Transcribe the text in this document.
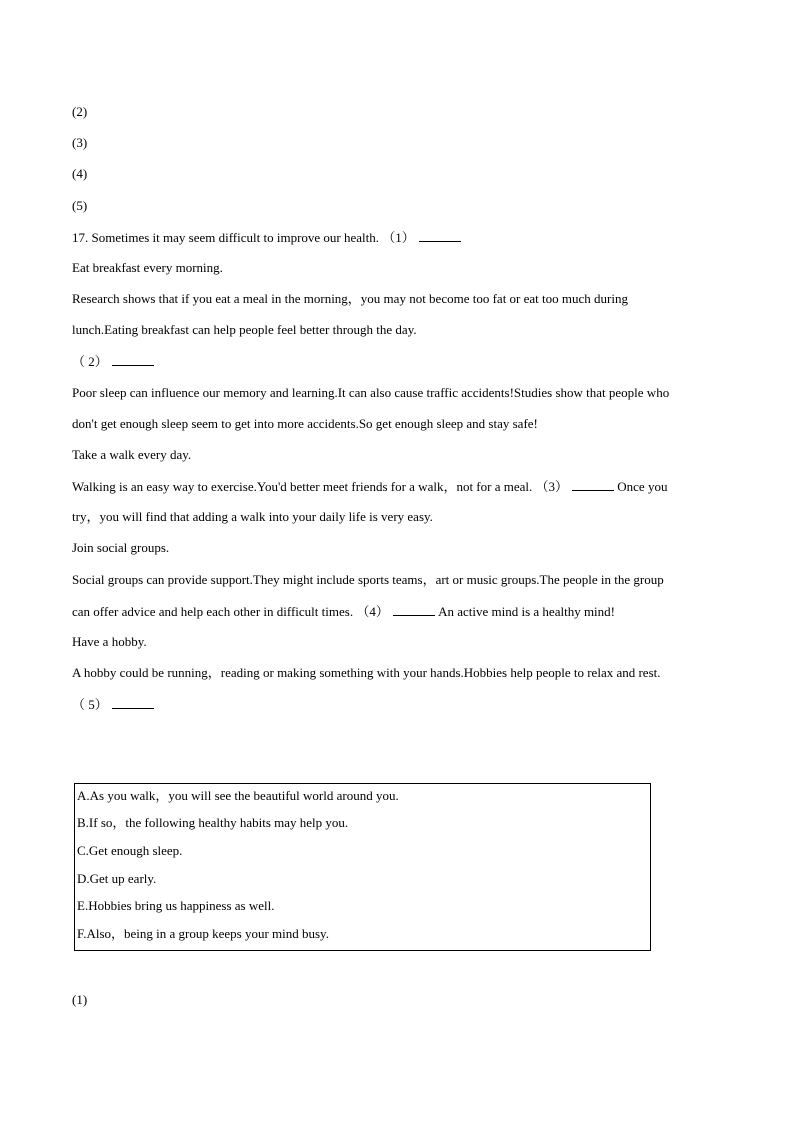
(2)
(3)
(4)
(5)
17. Sometimes it may seem difficult to improve our health. （1）
Eat breakfast every morning.
Research shows that if you eat a meal in the morning，you may not become too fat or eat too much during
lunch.Eating breakfast can help people feel better through the day.
（ 2）
Poor sleep can influence our memory and learning.It can also cause traffic accidents!Studies show that people who
don't get enough sleep seem to get into more accidents.So get enough sleep and stay safe!
Take a walk every day.
Walking is an easy way to exercise.You'd better meet friends for a walk，not for a meal. （3）	Once you
try，you will find that adding a walk into your daily life is very easy.
Join social groups.
Social groups can provide support.They might include sports teams，art or music groups.The people in the group
can offer advice and help each other in difficult times. （4）	An active mind is a healthy mind!
Have a hobby.
A hobby could be running，reading or making something with your hands.Hobbies help people to relax and rest.
（ 5）
A.As you walk，you will see the beautiful world around you.
B.If so，the following healthy habits may help you.
C.Get enough sleep.
D.Get up early.
E.Hobbies bring us happiness as well.
F.Also，being in a group keeps your mind busy.
(1)
